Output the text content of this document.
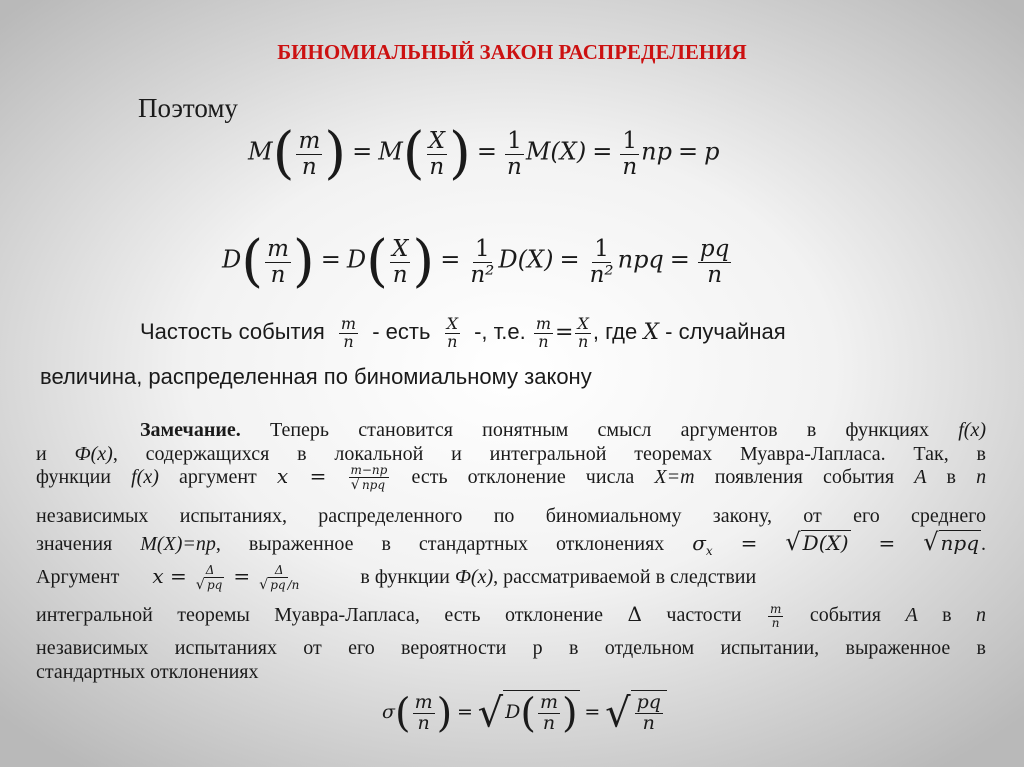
БИНОМИАЛЬНЫЙ ЗАКОН РАСПРЕДЕЛЕНИЯ
Поэтому
$M( \frac{m}{n}$ ) = $M( \frac{X}{n}$ ) = $\frac{1}{n} M(X) = \frac{1}{n}$ np = p
$D( \frac{m}{n}$ ) = $D( \frac{X}{n}$ ) = $\frac{1}{\text{n²}} D(X) = \frac{1}{\text{n²}}$ npq = $\frac{pq}{n}$
Частость события $\frac{m}{n}$ - есть $\frac{X}{n}$ -, т.е. $\frac{m}{n} = \frac{X}{n}$ , где X - случайная
величина, распределенная по биномиальному закону
Замечание. Теперь становится понятным смысл аргументов в функциях f(x)
и Ф(x), содержащихся в локальной и интегральной теоремах Муавра-Лапласа. Так, в
функции f(x) аргумент x = m−np
√ npq есть отклонение числа X=m появления события A в n
независимых испытаниях, распределенного по биномиальному закону, от его среднего
значения M(X)=np, выраженное в стандартных отклонениях $\sigma_x$ = √ D(X) = √ npq .
Аргумент $x = \frac{\Delta}{√ pq} = \frac{\Delta}{√ pq /n}$	в функции Ф(x), рассматриваемой в следствии
интегральной теоремы Муавра-Лапласа, есть отклонение Δ частости $\frac{m}{n}$ события A в n
независимых испытаниях от его вероятности р в отдельном испытании, выраженное в
стандартных отклонениях
$\sigma( \frac{m}{n}$ ) = √ $D( \frac{m}{n}$ ) = √ $\frac{pq}{n}$
